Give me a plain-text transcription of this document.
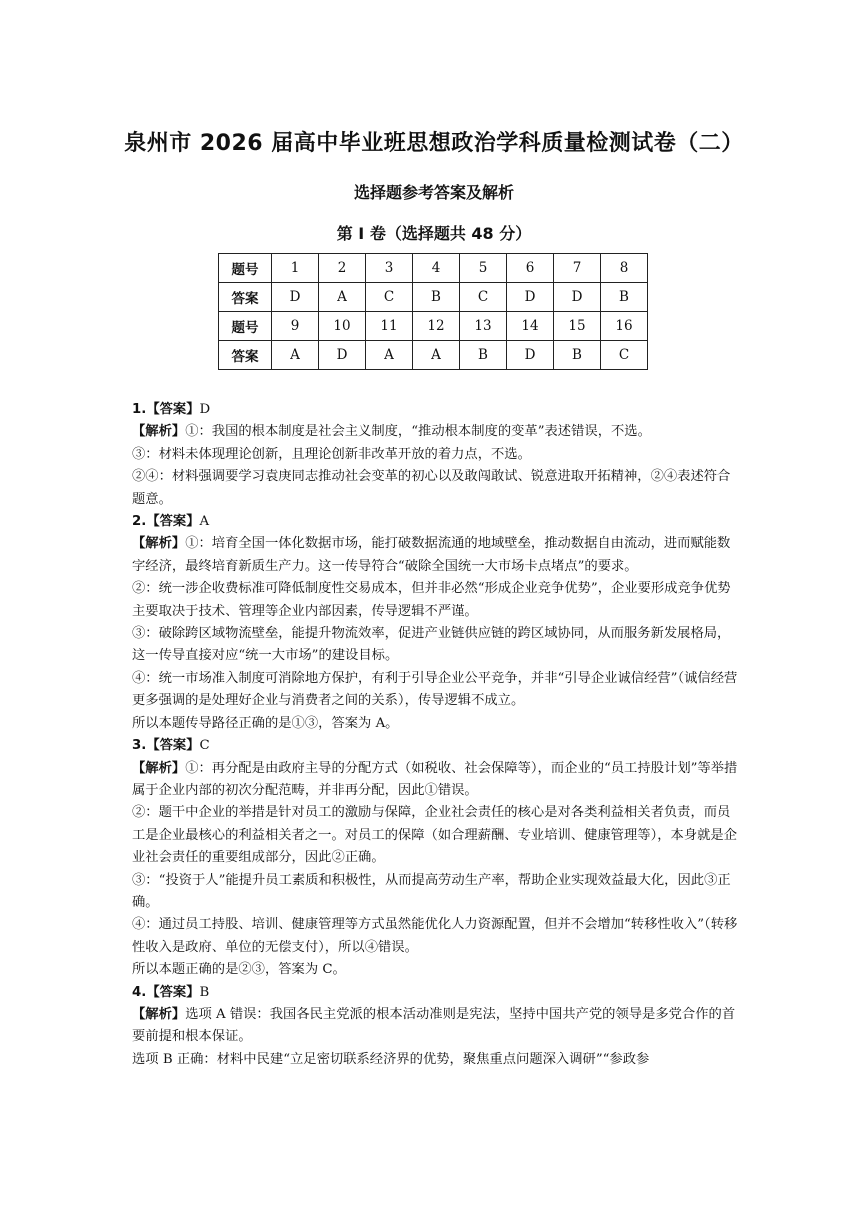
泉州市 2026 届高中毕业班思想政治学科质量检测试卷（二）
选择题参考答案及解析
第 I 卷（选择题共 48 分）
题号	1	2	3	4	5	6	7	8
答案	D	A	C	B	C	D	D	B
题号	9	10	11	12	13	14	15	16
答案	A	D	A	A	B	D	B	C

1.【答案】D

【解析】①：我国的根本制度是社会主义制度，“推动根本制度的变革”表述错误，不选。

③：材料未体现理论创新，且理论创新非改革开放的着力点，不选。

②④：材料强调要学习袁庚同志推动社会变革的初心以及敢闯敢试、锐意进取开拓精神，②④表述符合题意。

2.【答案】A

【解析】①：培育全国一体化数据市场，能打破数据流通的地域壁垒，推动数据自由流动，进而赋能数字经济，最终培育新质生产力。这一传导符合“破除全国统一大市场卡点堵点”的要求。

②：统一涉企收费标准可降低制度性交易成本，但并非必然“形成企业竞争优势”，企业要形成竞争优势主要取决于技术、管理等企业内部因素，传导逻辑不严谨。

③：破除跨区域物流壁垒，能提升物流效率，促进产业链供应链的跨区域协同，从而服务新发展格局，这一传导直接对应“统一大市场”的建设目标。

④：统一市场准入制度可消除地方保护，有利于引导企业公平竞争，并非“引导企业诚信经营”（诚信经营更多强调的是处理好企业与消费者之间的关系），传导逻辑不成立。

所以本题传导路径正确的是①③，答案为 A。

3.【答案】C

【解析】①：再分配是由政府主导的分配方式（如税收、社会保障等），而企业的“员工持股计划”等举措属于企业内部的初次分配范畴，并非再分配，因此①错误。

②：题干中企业的举措是针对员工的激励与保障，企业社会责任的核心是对各类利益相关者负责，而员工是企业最核心的利益相关者之一。对员工的保障（如合理薪酬、专业培训、健康管理等），本身就是企业社会责任的重要组成部分，因此②正确。

③：“投资于人”能提升员工素质和积极性，从而提高劳动生产率，帮助企业实现效益最大化，因此③正确。

④：通过员工持股、培训、健康管理等方式虽然能优化人力资源配置，但并不会增加“转移性收入”（转移性收入是政府、单位的无偿支付），所以④错误。

所以本题正确的是②③，答案为 C。

4.【答案】B

【解析】选项 A 错误：我国各民主党派的根本活动准则是宪法，坚持中国共产党的领导是多党合作的首要前提和根本保证。

选项 B 正确：材料中民建“立足密切联系经济界的优势，聚焦重点问题深入调研”“参政参
